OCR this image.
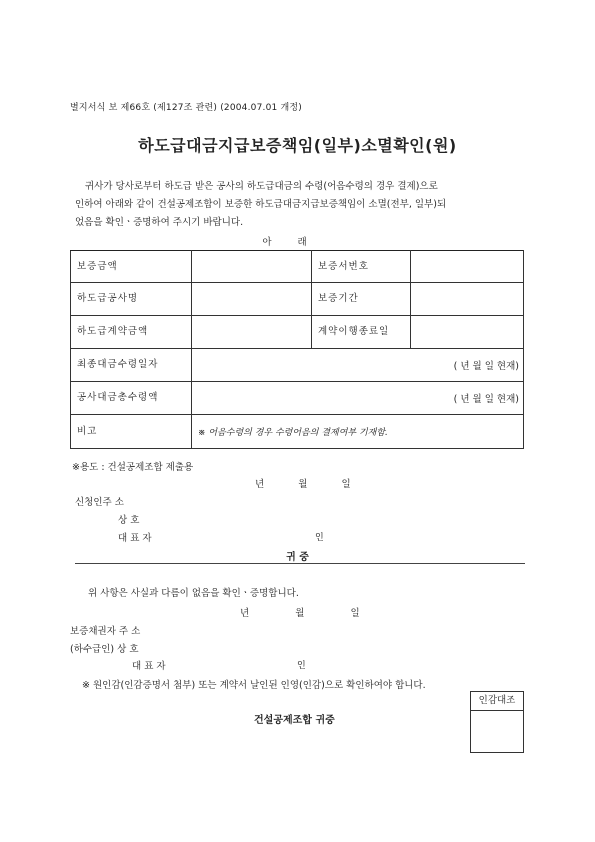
별지서식 보 제66호 (제127조 관련) (2004.07.01 개정)
하도급대금지급보증책임(일부)소멸확인(원)

귀사가 당사로부터 하도급 받은 공사의 하도급대금의 수령(어음수령의 경우 결제)으로

인하여 아래와 같이 건설공제조합이 보증한 하도급대금지급보증책임이 소멸(전부, 일부)되

었음을 확인ㆍ증명하여 주시기 바랍니다.

아래
보증금액		보증서번호	
하도급공사명		보증기간	
하도급계약금액		계약이행종료일	
최종대금수령일자	( 년 월 일 현재)		
공사대금총수령액	( 년 월 일 현재)		
비고	※ 어음수령의 경우 수령어음의 결제여부 기재함.		
※용도 : 건설공제조합 제출용
년	월	일
신청인주 소
상 호
대 표 자	인
귀 중
위 사항은 사실과 다름이 없음을 확인ㆍ증명합니다.
년	월	일
보증채권자 주 소
(하수급인) 상 호
대 표 자	인
※ 원인감(인감증명서 첨부) 또는 계약서 날인된 인영(인감)으로 확인하여야 합니다.
인감대조
건설공제조합 귀중
